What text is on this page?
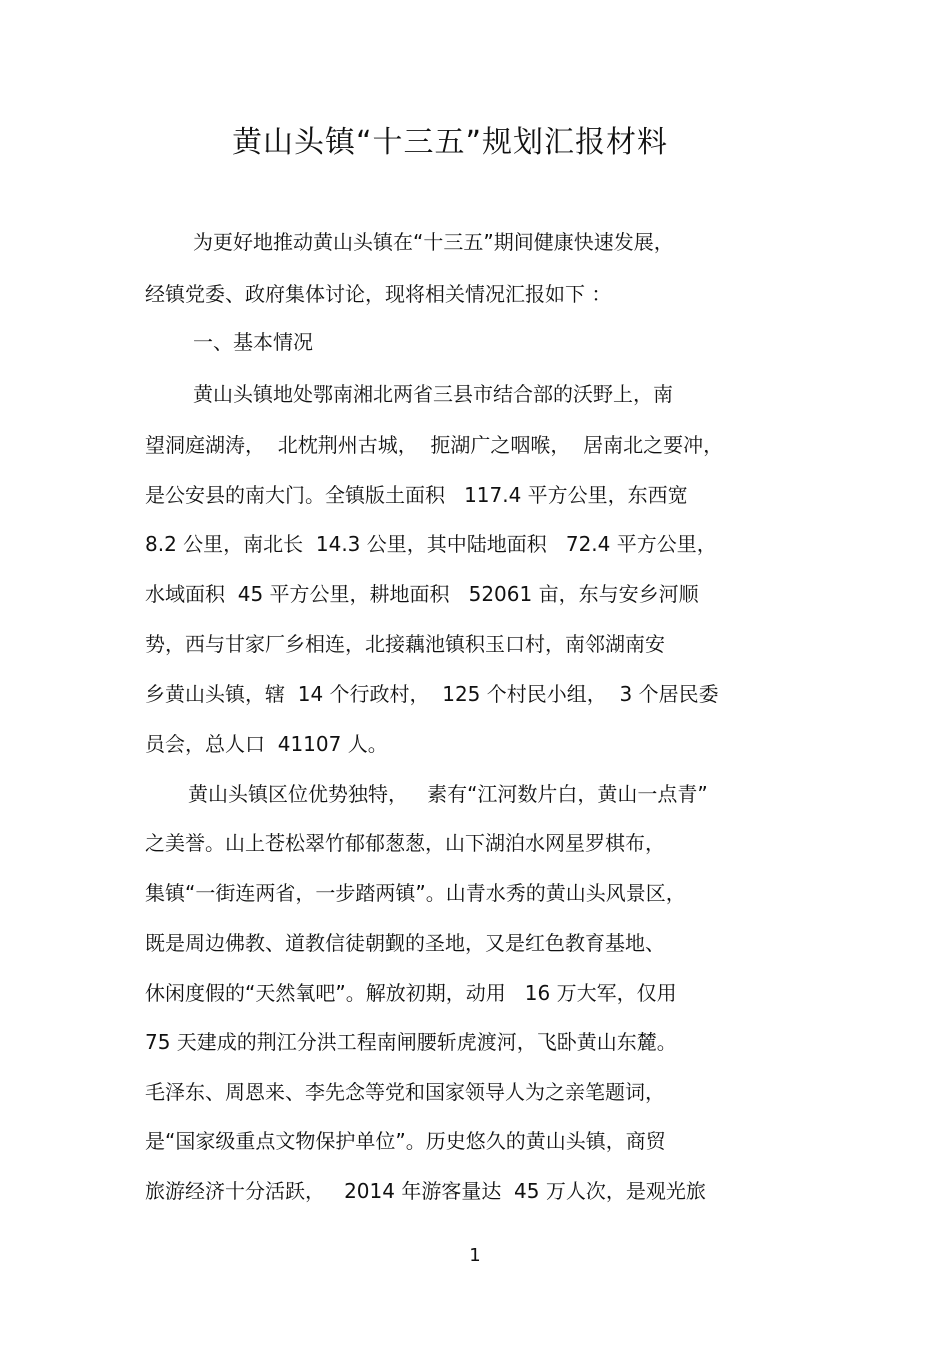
黄山头镇“十三五”规划汇报材料
为更好地推动黄山头镇在“十三五”期间健康快速发展，
经镇党委、政府集体讨论，现将相关情况汇报如下 ：
一、基本情况
黄山头镇地处鄂南湘北两省三县市结合部的沃野上，南
望洞庭湖涛，  北枕荆州古城，  扼湖广之咽喉，  居南北之要冲，
是公安县的南大门。全镇版土面积   117.4 平方公里，东西宽
8.2 公里，南北长  14.3 公里，其中陆地面积   72.4 平方公里，
水域面积  45 平方公里，耕地面积   52061 亩，东与安乡河顺
势，西与甘家厂乡相连，北接藕池镇积玉口村，南邻湖南安
乡黄山头镇，辖  14 个行政村，  125 个村民小组，  3 个居民委
员会，总人口  41107 人。
黄山头镇区位优势独特，   素有“江河数片白，黄山一点青”
之美誉。山上苍松翠竹郁郁葱葱，山下湖泊水网星罗棋布，
集镇“一街连两省，一步踏两镇”。山青水秀的黄山头风景区，
既是周边佛教、道教信徒朝觐的圣地，又是红色教育基地、
休闲度假的“天然氧吧”。解放初期，动用   16 万大军，仅用
75 天建成的荆江分洪工程南闸腰斩虎渡河，飞卧黄山东麓。
毛泽东、周恩来、李先念等党和国家领导人为之亲笔题词，
是“国家级重点文物保护单位”。历史悠久的黄山头镇，商贸
旅游经济十分活跃，   2014 年游客量达  45 万人次，是观光旅
1
